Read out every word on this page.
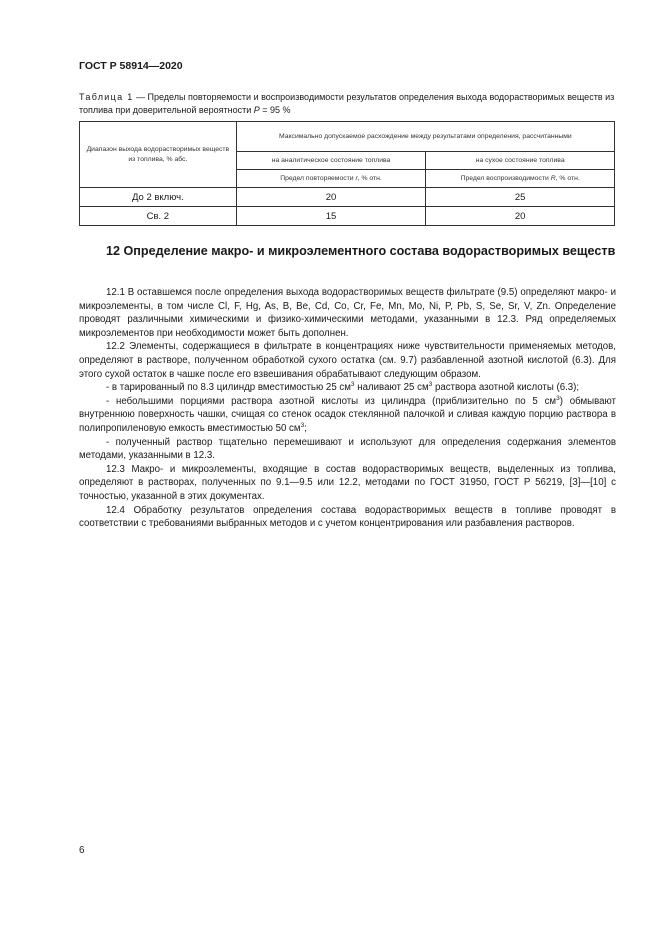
ГОСТ Р 58914—2020
Таблица 1 — Пределы повторяемости и воспроизводимости результатов определения выхода водорастворимых веществ из топлива при доверительной вероятности P = 95 %
Диапазон выхода водорастворимых веществ из топлива, % абс.	Максимально допускаемое расхождение между результатами определения, рассчитанными	
	на аналитическое состояние топлива	на сухое состояние топлива
	Предел повторяемости r, % отн.	Предел воспроизводимости R, % отн.
До 2 включ.	20	25
Св. 2	15	20
12 Определение макро- и микроэлементного состава водорастворимых веществ

12.1 В оставшемся после определения выхода водорастворимых веществ фильтрате (9.5) определяют макро- и микроэлементы, в том числе Cl, F, Hg, As, B, Be, Cd, Co, Cr, Fe, Mn, Mo, Ni, P, Pb, S, Se, Sr, V, Zn. Определение проводят различными химическими и физико-химическими методами, указанными в 12.3. Ряд определяемых микроэлементов при необходимости может быть дополнен.

12.2 Элементы, содержащиеся в фильтрате в концентрациях ниже чувствительности применяемых методов, определяют в растворе, полученном обработкой сухого остатка (см. 9.7) разбавленной азотной кислотой (6.3). Для этого сухой остаток в чашке после его взвешивания обрабатывают следующим образом.

- в тарированный по 8.3 цилиндр вместимостью 25 $см^3$ наливают 25 $см^3$ раствора азотной кислоты (6.3);

- небольшими порциями раствора азотной кислоты из цилиндра (приблизительно по 5 $см^3$) обмывают внутреннюю поверхность чашки, счищая со стенок осадок стеклянной палочкой и сливая каждую порцию раствора в полипропиленовую емкость вместимостью 50 $см^3$;

- полученный раствор тщательно перемешивают и используют для определения содержания элементов методами, указанными в 12.3.

12.3 Макро- и микроэлементы, входящие в состав водорастворимых веществ, выделенных из топлива, определяют в растворах, полученных по 9.1—9.5 или 12.2, методами по ГОСТ 31950, ГОСТ Р 56219, [3]—[10] с точностью, указанной в этих документах.

12.4 Обработку результатов определения состава водорастворимых веществ в топливе проводят в соответствии с требованиями выбранных методов и с учетом концентрирования или разбавления растворов.

6
